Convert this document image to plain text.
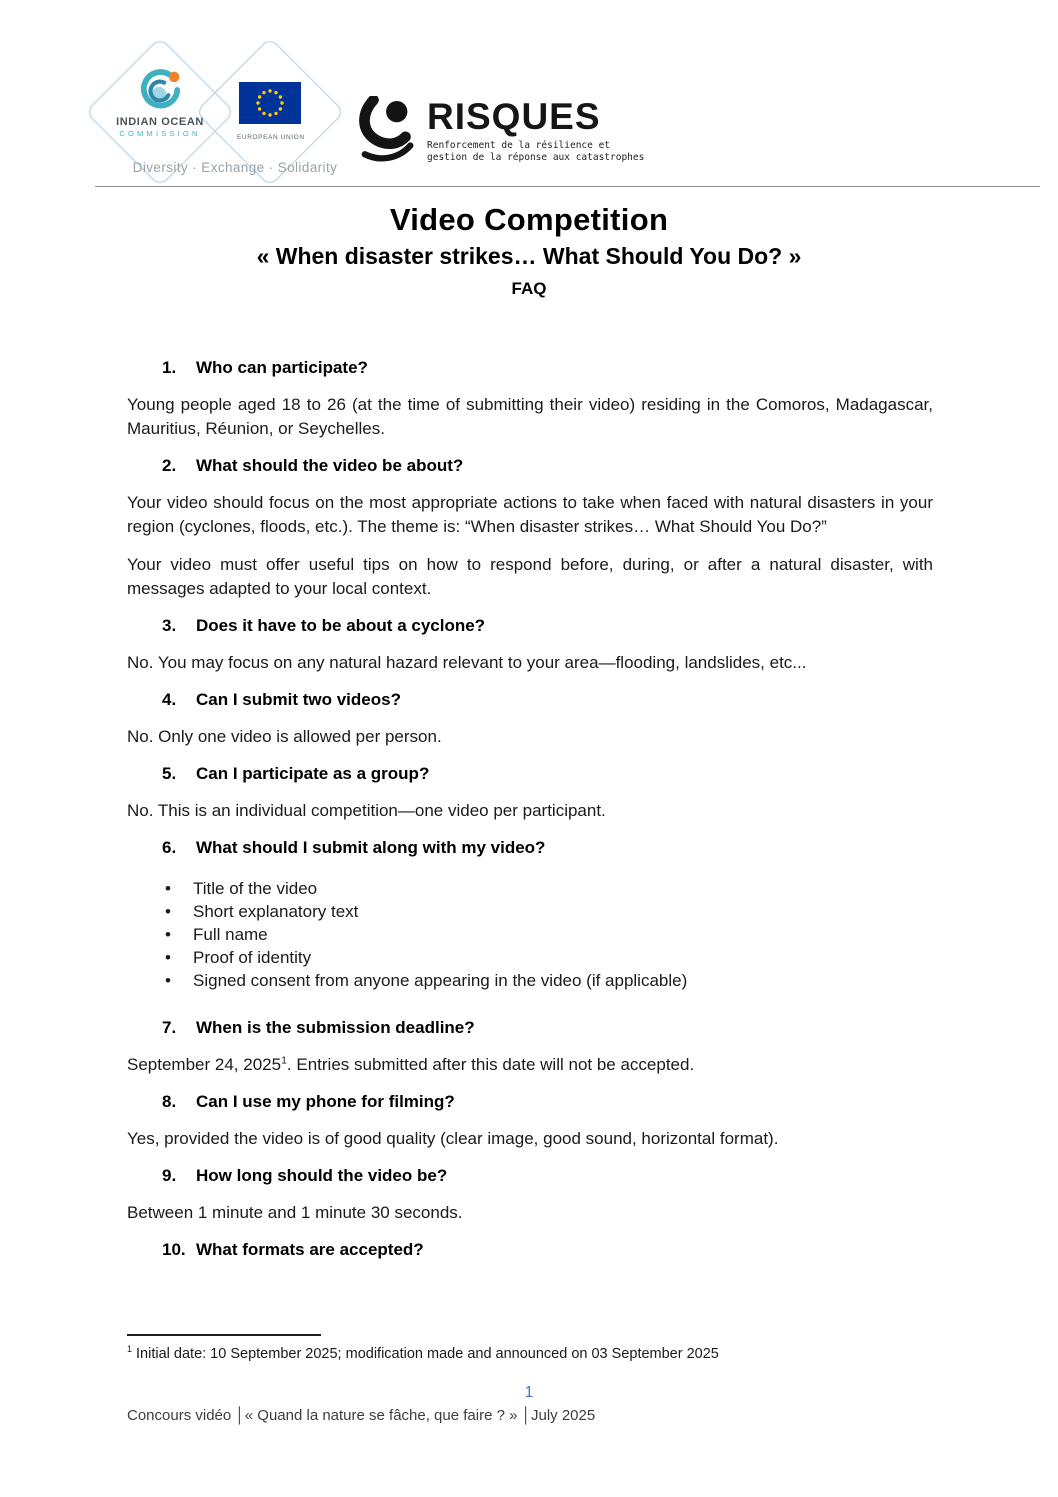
INDIAN OCEAN
COMMISSION	EUROPEAN UNION
Diversity · Exchange · Solidarity
RISQUES
Renforcement de la résilience et
gestion de la réponse aux catastrophes
Video Competition
« When disaster strikes… What Should You Do? »
FAQ
1. Who can participate?

Young people aged 18 to 26 (at the time of submitting their video) residing in the Comoros, Madagascar, Mauritius, Réunion, or Seychelles.

2. What should the video be about?

Your video should focus on the most appropriate actions to take when faced with natural disasters in your region (cyclones, floods, etc.). The theme is: “When disaster strikes… What Should You Do?”

Your video must offer useful tips on how to respond before, during, or after a natural disaster, with messages adapted to your local context.

3. Does it have to be about a cyclone?

No. You may focus on any natural hazard relevant to your area—flooding, landslides, etc...

4. Can I submit two videos?

No. Only one video is allowed per person.

5. Can I participate as a group?

No. This is an individual competition—one video per participant.

6. What should I submit along with my video?
• Title of the video
• Short explanatory text
• Full name
• Proof of identity
• Signed consent from anyone appearing in the video (if applicable)
7. When is the submission deadline?

September 24, 2025$^1$. Entries submitted after this date will not be accepted.

8. Can I use my phone for filming?

Yes, provided the video is of good quality (clear image, good sound, horizontal format).

9. How long should the video be?

Between 1 minute and 1 minute 30 seconds.

10. What formats are accepted?
$^1$ Initial date: 10 September 2025; modification made and announced on 03 September 2025
1
Concours vidéo │« Quand la nature se fâche, que faire ? » │July 2025
